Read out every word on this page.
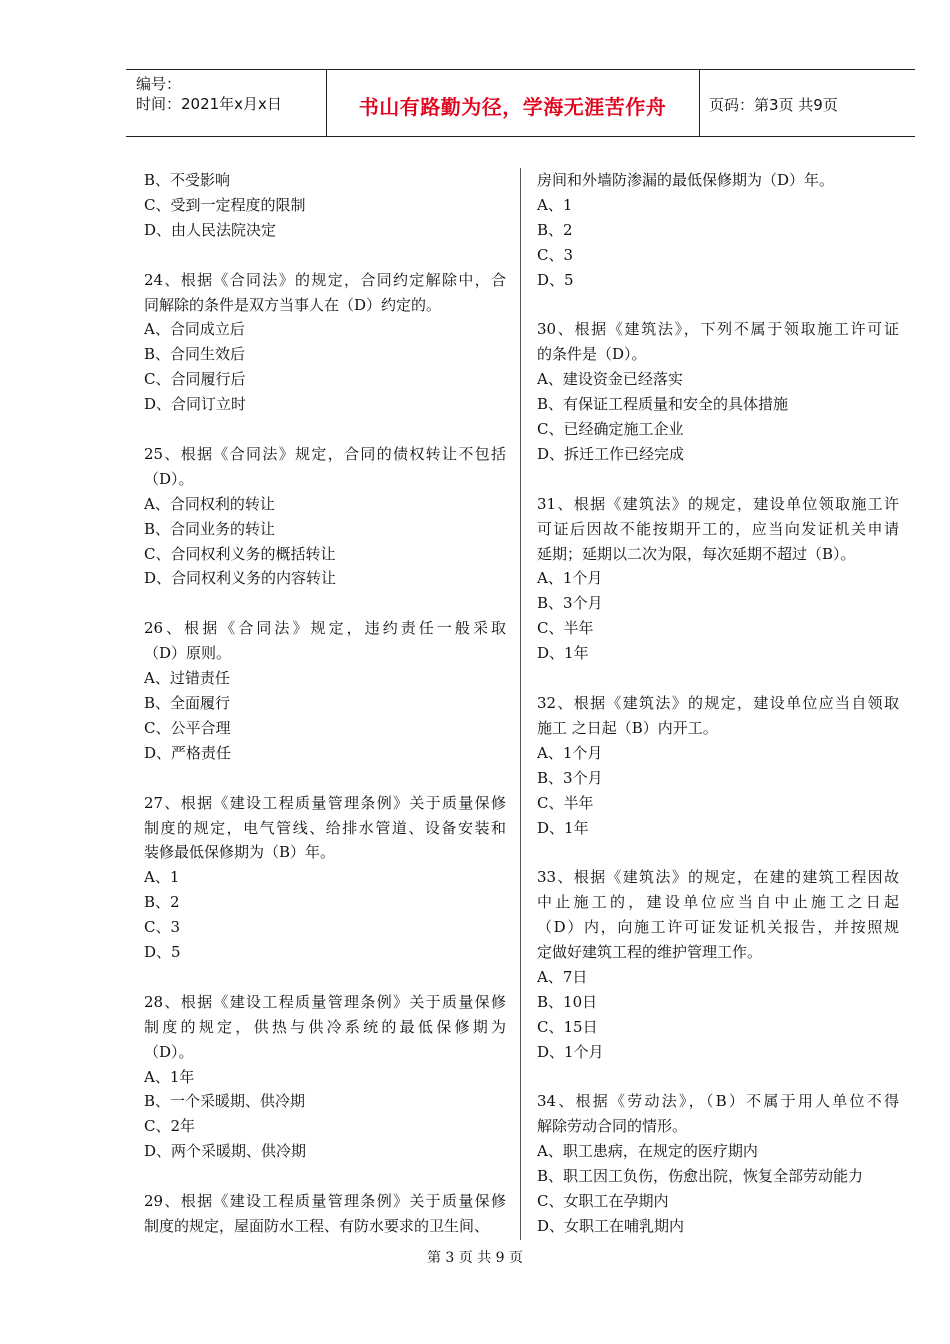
编号：
时间：2021年x月x日	书山有路勤为径，学海无涯苦作舟	页码：第3页 共9页
B、不受影响
C、受到一定程度的限制
D、由人民法院决定
24、根据《合同法》的规定，合同约定解除中，合
同解除的条件是双方当事人在（D）约定的。
A、合同成立后
B、合同生效后
C、合同履行后
D、合同订立时
25、根据《合同法》规定，合同的债权转让不包括
（D）。
A、合同权利的转让
B、合同业务的转让
C、合同权利义务的概括转让
D、合同权利义务的内容转让
26、根据《合同法》规定，违约责任一般采取
（D）原则。
A、过错责任
B、全面履行
C、公平合理
D、严格责任
27、根据《建设工程质量管理条例》关于质量保修
制度的规定，电气管线、给排水管道、设备安装和
装修最低保修期为（B）年。
A、1
B、2
C、3
D、5
28、根据《建设工程质量管理条例》关于质量保修
制度的规定，供热与供冷系统的最低保修期为
（D）。
A、1年
B、一个采暖期、供冷期
C、2年
D、两个采暖期、供冷期
29、根据《建设工程质量管理条例》关于质量保修
制度的规定，屋面防水工程、有防水要求的卫生间、
房间和外墙防渗漏的最低保修期为（D）年。
A、1
B、2
C、3
D、5
30、根据《建筑法》，下列不属于领取施工许可证
的条件是（D）。
A、建设资金已经落实
B、有保证工程质量和安全的具体措施
C、已经确定施工企业
D、拆迁工作已经完成
31、根据《建筑法》的规定，建设单位领取施工许
可证后因故不能按期开工的，应当向发证机关申请
延期；延期以二次为限，每次延期不超过（B）。
A、1个月
B、3个月
C、半年
D、1年
32、根据《建筑法》的规定，建设单位应当自领取
施工 之日起（B）内开工。
A、1个月
B、3个月
C、半年
D、1年
33、根据《建筑法》的规定，在建的建筑工程因故
中止施工的，建设单位应当自中止施工之日起
（D）内，向施工许可证发证机关报告，并按照规
定做好建筑工程的维护管理工作。
A、7日
B、10日
C、15日
D、1个月
34、根据《劳动法》，（B）不属于用人单位不得
解除劳动合同的情形。
A、职工患病，在规定的医疗期内
B、职工因工负伤，伤愈出院，恢复全部劳动能力
C、女职工在孕期内
D、女职工在哺乳期内
第 3 页 共 9 页
